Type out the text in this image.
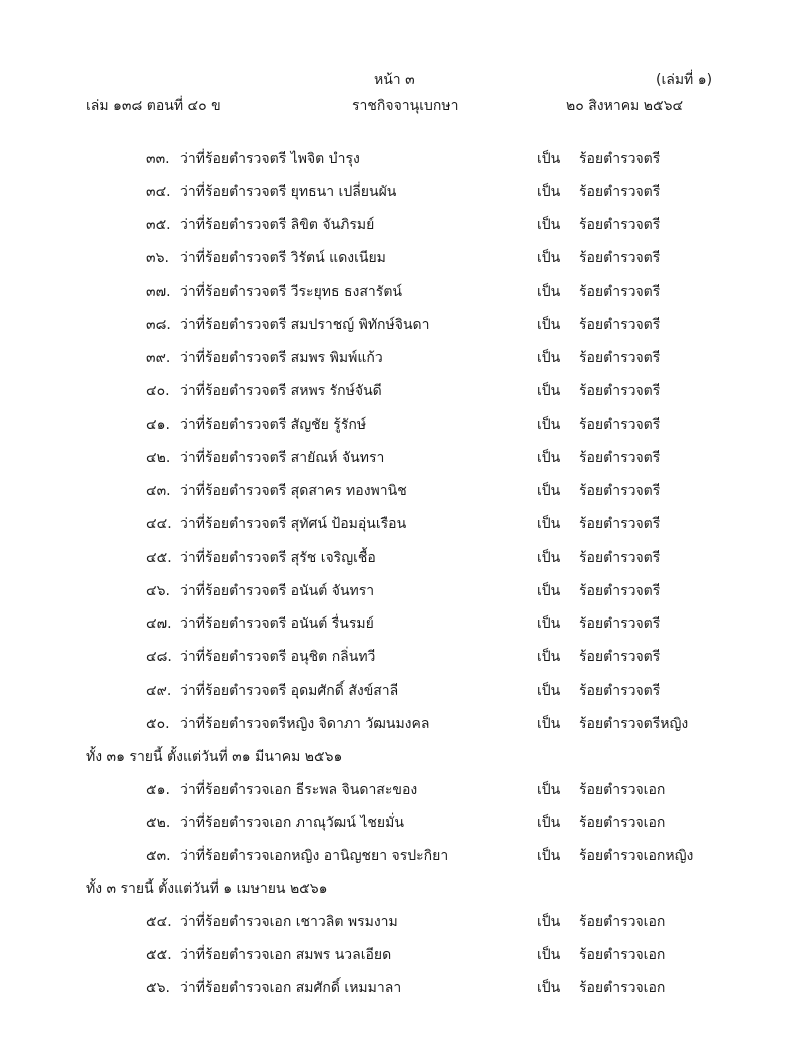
หน้า ๓	(เล่มที่ ๑)
เล่ม ๑๓๘ ตอนที่ ๔๐ ข	ราชกิจจานุเบกษา	๒๐ สิงหาคม ๒๕๖๔
๓๓. ว่าที่ร้อยตำรวจตรี ไพจิต บำรุง	เป็น ร้อยตำรวจตรี
๓๔. ว่าที่ร้อยตำรวจตรี ยุทธนา เปลี่ยนผัน	เป็น ร้อยตำรวจตรี
๓๕. ว่าที่ร้อยตำรวจตรี ลิขิต จันภิรมย์	เป็น ร้อยตำรวจตรี
๓๖. ว่าที่ร้อยตำรวจตรี วิรัตน์ แดงเนียม	เป็น ร้อยตำรวจตรี
๓๗. ว่าที่ร้อยตำรวจตรี วีระยุทธ ธงสารัตน์	เป็น ร้อยตำรวจตรี
๓๘. ว่าที่ร้อยตำรวจตรี สมปราชญ์ พิทักษ์จินดา	เป็น ร้อยตำรวจตรี
๓๙. ว่าที่ร้อยตำรวจตรี สมพร พิมพ์แก้ว	เป็น ร้อยตำรวจตรี
๔๐. ว่าที่ร้อยตำรวจตรี สหพร รักษ์จันดี	เป็น ร้อยตำรวจตรี
๔๑. ว่าที่ร้อยตำรวจตรี สัญชัย รู้รักษ์	เป็น ร้อยตำรวจตรี
๔๒. ว่าที่ร้อยตำรวจตรี สายัณห์ จันทรา	เป็น ร้อยตำรวจตรี
๔๓. ว่าที่ร้อยตำรวจตรี สุดสาคร ทองพานิช	เป็น ร้อยตำรวจตรี
๔๔. ว่าที่ร้อยตำรวจตรี สุทัศน์ ป้อมอุ่นเรือน	เป็น ร้อยตำรวจตรี
๔๕. ว่าที่ร้อยตำรวจตรี สุรัช เจริญเชื้อ	เป็น ร้อยตำรวจตรี
๔๖. ว่าที่ร้อยตำรวจตรี อนันต์ จันทรา	เป็น ร้อยตำรวจตรี
๔๗. ว่าที่ร้อยตำรวจตรี อนันต์ รื่นรมย์	เป็น ร้อยตำรวจตรี
๔๘. ว่าที่ร้อยตำรวจตรี อนุชิต กลิ่นทวี	เป็น ร้อยตำรวจตรี
๔๙. ว่าที่ร้อยตำรวจตรี อุดมศักดิ์ สังข์สาลี	เป็น ร้อยตำรวจตรี
๕๐. ว่าที่ร้อยตำรวจตรีหญิง จิดาภา วัฒนมงคล	เป็น ร้อยตำรวจตรีหญิง
๕๑. ว่าที่ร้อยตำรวจเอก ธีระพล จินดาสะของ	เป็น ร้อยตำรวจเอก
๕๒. ว่าที่ร้อยตำรวจเอก ภาณุวัฒน์ ไชยมั่น	เป็น ร้อยตำรวจเอก
๕๓. ว่าที่ร้อยตำรวจเอกหญิง อานิญชยา จรปะกิยา	เป็น ร้อยตำรวจเอกหญิง
๕๔. ว่าที่ร้อยตำรวจเอก เชาวลิต พรมงาม	เป็น ร้อยตำรวจเอก
๕๕. ว่าที่ร้อยตำรวจเอก สมพร นวลเอียด	เป็น ร้อยตำรวจเอก
๕๖. ว่าที่ร้อยตำรวจเอก สมศักดิ์ เหมมาลา	เป็น ร้อยตำรวจเอก
ทั้ง ๓๑ รายนี้ ตั้งแต่วันที่ ๓๑ มีนาคม ๒๕๖๑
ทั้ง ๓ รายนี้ ตั้งแต่วันที่ ๑ เมษายน ๒๕๖๑
